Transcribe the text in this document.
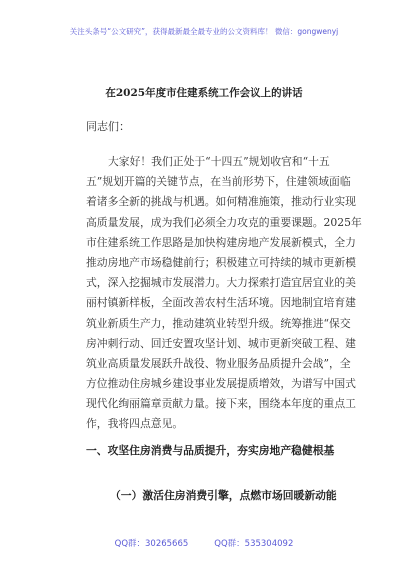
关注头条号“公文研究”，获得最新最全最专业的公文资料库！ 微信：gongwenyj
在2025年度市住建系统工作会议上的讲话
同志们：
大家好！我们正处于“十四五”规划收官和“十五
五”规划开篇的关键节点，在当前形势下，住建领域面临
着诸多全新的挑战与机遇。如何精准施策，推动行业实现
高质量发展，成为我们必须全力攻克的重要课题。2025年
市住建系统工作思路是加快构建房地产发展新模式，全力
推动房地产市场稳健前行；积极建立可持续的城市更新模
式，深入挖掘城市发展潜力。大力探索打造宜居宜业的美
丽村镇新样板，全面改善农村生活环境。因地制宜培育建
筑业新质生产力，推动建筑业转型升级。统筹推进“保交
房冲刺行动、回迁安置攻坚计划、城市更新突破工程、建
筑业高质量发展跃升战役、物业服务品质提升会战”，全
方位推动住房城乡建设事业发展提质增效，为谱写中国式
现代化绚丽篇章贡献力量。接下来，围绕本年度的重点工
作，我将四点意见。
一、攻坚住房消费与品质提升，夯实房地产稳健根基
（一）激活住房消费引擎，点燃市场回暖新动能
QQ群：30265665	QQ群：535304092
